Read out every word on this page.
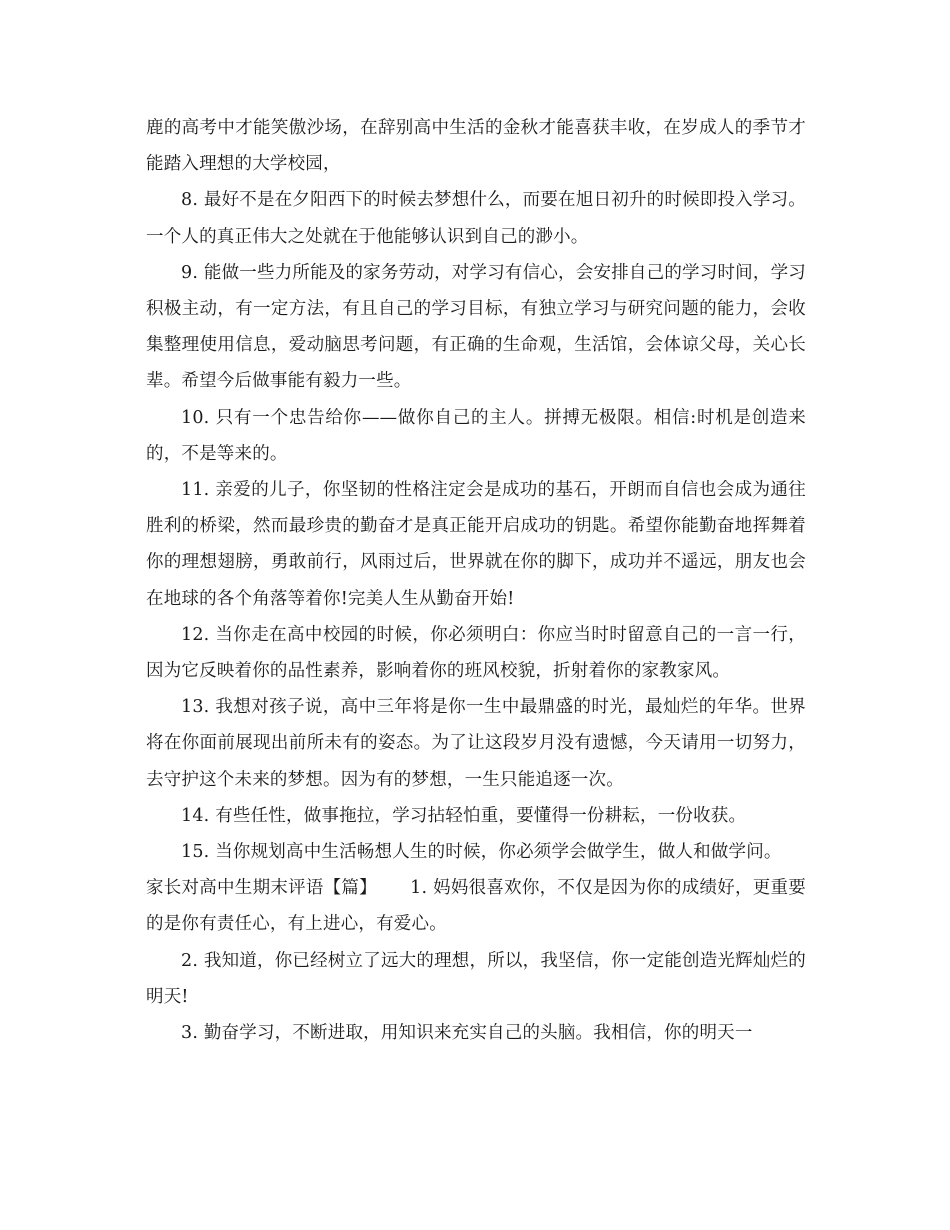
鹿的高考中才能笑傲沙场，在辞别高中生活的金秋才能喜获丰收，在岁成人的季节才能踏入理想的大学校园，

8. 最好不是在夕阳西下的时候去梦想什么，而要在旭日初升的时候即投入学习。一个人的真正伟大之处就在于他能够认识到自己的渺小。

9. 能做一些力所能及的家务劳动，对学习有信心，会安排自己的学习时间，学习积极主动，有一定方法，有且自己的学习目标，有独立学习与研究问题的能力，会收集整理使用信息，爱动脑思考问题，有正确的生命观，生活馆，会体谅父母，关心长辈。希望今后做事能有毅力一些。

10. 只有一个忠告给你——做你自己的主人。拼搏无极限。相信:时机是创造来的，不是等来的。

11. 亲爱的儿子，你坚韧的性格注定会是成功的基石，开朗而自信也会成为通往胜利的桥梁，然而最珍贵的勤奋才是真正能开启成功的钥匙。希望你能勤奋地挥舞着你的理想翅膀，勇敢前行，风雨过后，世界就在你的脚下，成功并不遥远，朋友也会在地球的各个角落等着你!完美人生从勤奋开始!

12. 当你走在高中校园的时候，你必须明白：你应当时时留意自己的一言一行，因为它反映着你的品性素养，影响着你的班风校貌，折射着你的家教家风。

13. 我想对孩子说，高中三年将是你一生中最鼎盛的时光，最灿烂的年华。世界将在你面前展现出前所未有的姿态。为了让这段岁月没有遗憾，今天请用一切努力，去守护这个未来的梦想。因为有的梦想，一生只能追逐一次。

14. 有些任性，做事拖拉，学习拈轻怕重，要懂得一份耕耘，一份收获。

15. 当你规划高中生活畅想人生的时候，你必须学会做学生，做人和做学问。

家长对高中生期末评语【篇】 1. 妈妈很喜欢你，不仅是因为你的成绩好，更重要的是你有责任心，有上进心，有爱心。

2. 我知道，你已经树立了远大的理想，所以，我坚信，你一定能创造光辉灿烂的明天!

3. 勤奋学习，不断进取，用知识来充实自己的头脑。我相信，你的明天一
